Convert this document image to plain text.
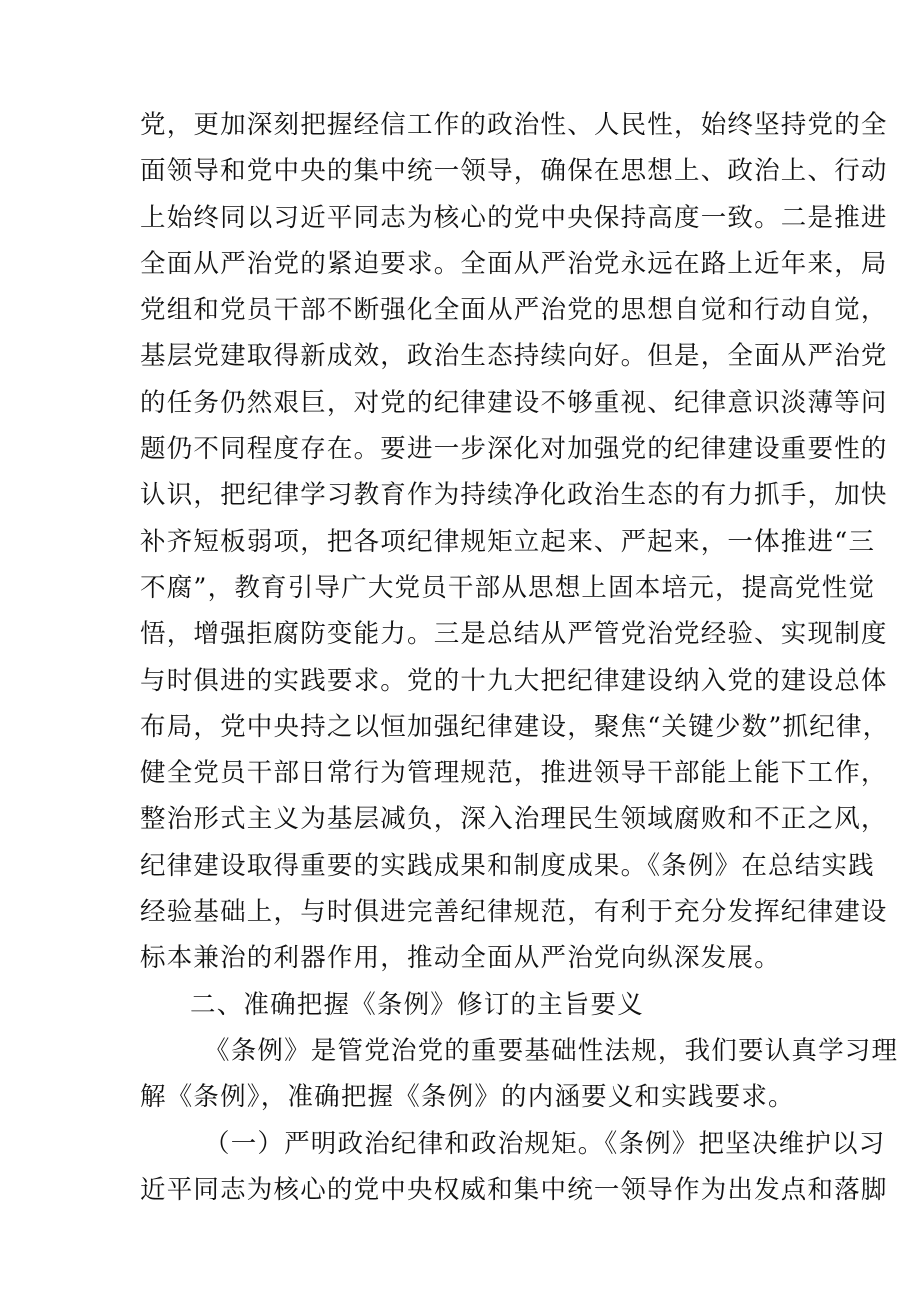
党，更加深刻把握经信工作的政治性、人民性，始终坚持党的全
面领导和党中央的集中统一领导，确保在思想上、政治上、行动
上始终同以习近平同志为核心的党中央保持高度一致。二是推进
全面从严治党的紧迫要求。全面从严治党永远在路上近年来，局
党组和党员干部不断强化全面从严治党的思想自觉和行动自觉，
基层党建取得新成效，政治生态持续向好。但是，全面从严治党
的任务仍然艰巨，对党的纪律建设不够重视、纪律意识淡薄等问
题仍不同程度存在。要进一步深化对加强党的纪律建设重要性的
认识，把纪律学习教育作为持续净化政治生态的有力抓手，加快
补齐短板弱项，把各项纪律规矩立起来、严起来，一体推进“三
不腐”，教育引导广大党员干部从思想上固本培元，提高党性觉
悟，增强拒腐防变能力。三是总结从严管党治党经验、实现制度
与时俱进的实践要求。党的十九大把纪律建设纳入党的建设总体
布局，党中央持之以恒加强纪律建设，聚焦“关键少数”抓纪律，
健全党员干部日常行为管理规范，推进领导干部能上能下工作，
整治形式主义为基层减负，深入治理民生领域腐败和不正之风，
纪律建设取得重要的实践成果和制度成果。《条例》在总结实践
经验基础上，与时俱进完善纪律规范，有利于充分发挥纪律建设
标本兼治的利器作用，推动全面从严治党向纵深发展。
二、准确把握《条例》修订的主旨要义
《条例》是管党治党的重要基础性法规，我们要认真学习理
解《条例》，准确把握《条例》的内涵要义和实践要求。
（一）严明政治纪律和政治规矩。《条例》把坚决维护以习
近平同志为核心的党中央权威和集中统一领导作为出发点和落脚
